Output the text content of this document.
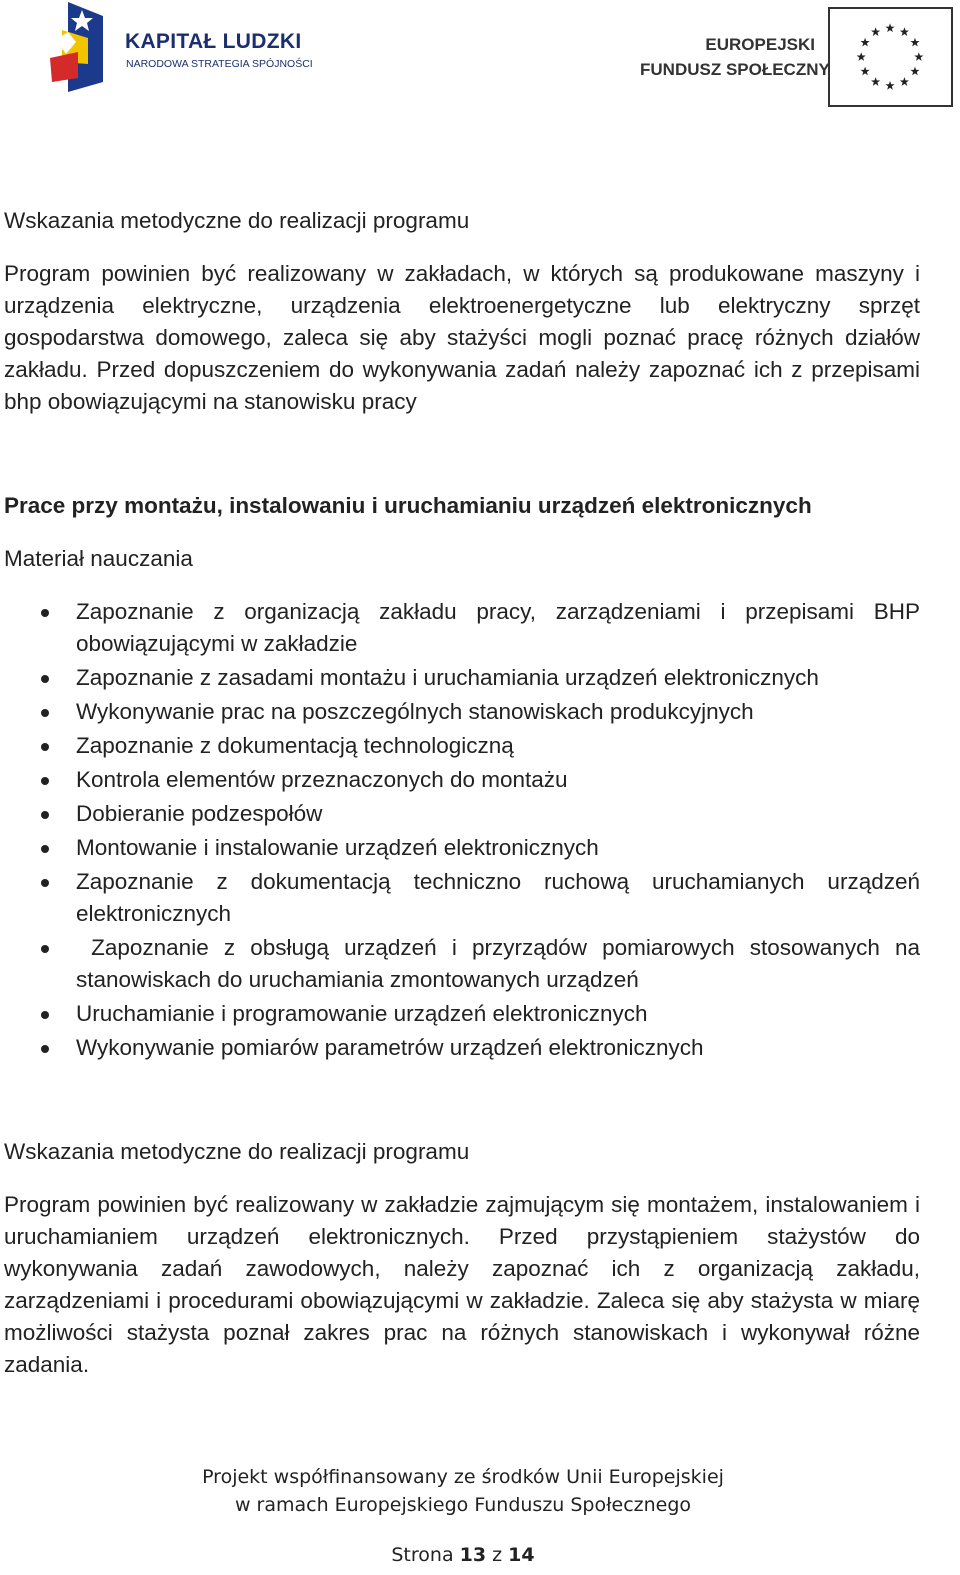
KAPITAŁ LUDZKI
NARODOWA STRATEGIA SPÓJNOŚCI
EUROPEJSKI
FUNDUSZ SPOŁECZNY

Wskazania metodyczne do realizacji programu

Program powinien być realizowany w zakładach, w których są produkowane maszyny i urządzenia elektryczne, urządzenia elektroenergetyczne lub elektryczny sprzęt gospodarstwa domowego, zaleca się aby stażyści mogli poznać pracę różnych działów zakładu. Przed dopuszczeniem do wykonywania zadań należy zapoznać ich z przepisami bhp obowiązującymi na stanowisku pracy

Prace przy montażu, instalowaniu i uruchamianiu urządzeń elektronicznych

Materiał nauczania

Zapoznanie z organizacją zakładu pracy, zarządzeniami i przepisami BHP obowiązującymi w zakładzie
Zapoznanie z zasadami montażu i uruchamiania urządzeń elektronicznych
Wykonywanie prac na poszczególnych stanowiskach produkcyjnych
Zapoznanie z dokumentacją technologiczną
Kontrola elementów przeznaczonych do montażu
Dobieranie podzespołów
Montowanie i instalowanie urządzeń elektronicznych
Zapoznanie z dokumentacją techniczno ruchową uruchamianych urządzeń elektronicznych
Zapoznanie z obsługą urządzeń i przyrządów pomiarowych stosowanych na stanowiskach do uruchamiania zmontowanych urządzeń
Uruchamianie i programowanie urządzeń elektronicznych
Wykonywanie pomiarów parametrów urządzeń elektronicznych

Wskazania metodyczne do realizacji programu

Program powinien być realizowany w zakładzie zajmującym się montażem, instalowaniem i uruchamianiem urządzeń elektronicznych. Przed przystąpieniem stażystów do wykonywania zadań zawodowych, należy zapoznać ich z organizacją zakładu, zarządzeniami i procedurami obowiązującymi w zakładzie. Zaleca się aby stażysta w miarę możliwości stażysta poznał zakres prac na różnych stanowiskach i wykonywał różne zadania.

Projekt współfinansowany ze środków Unii Europejskiej
w ramach Europejskiego Funduszu Społecznego
Strona 13 z 14
